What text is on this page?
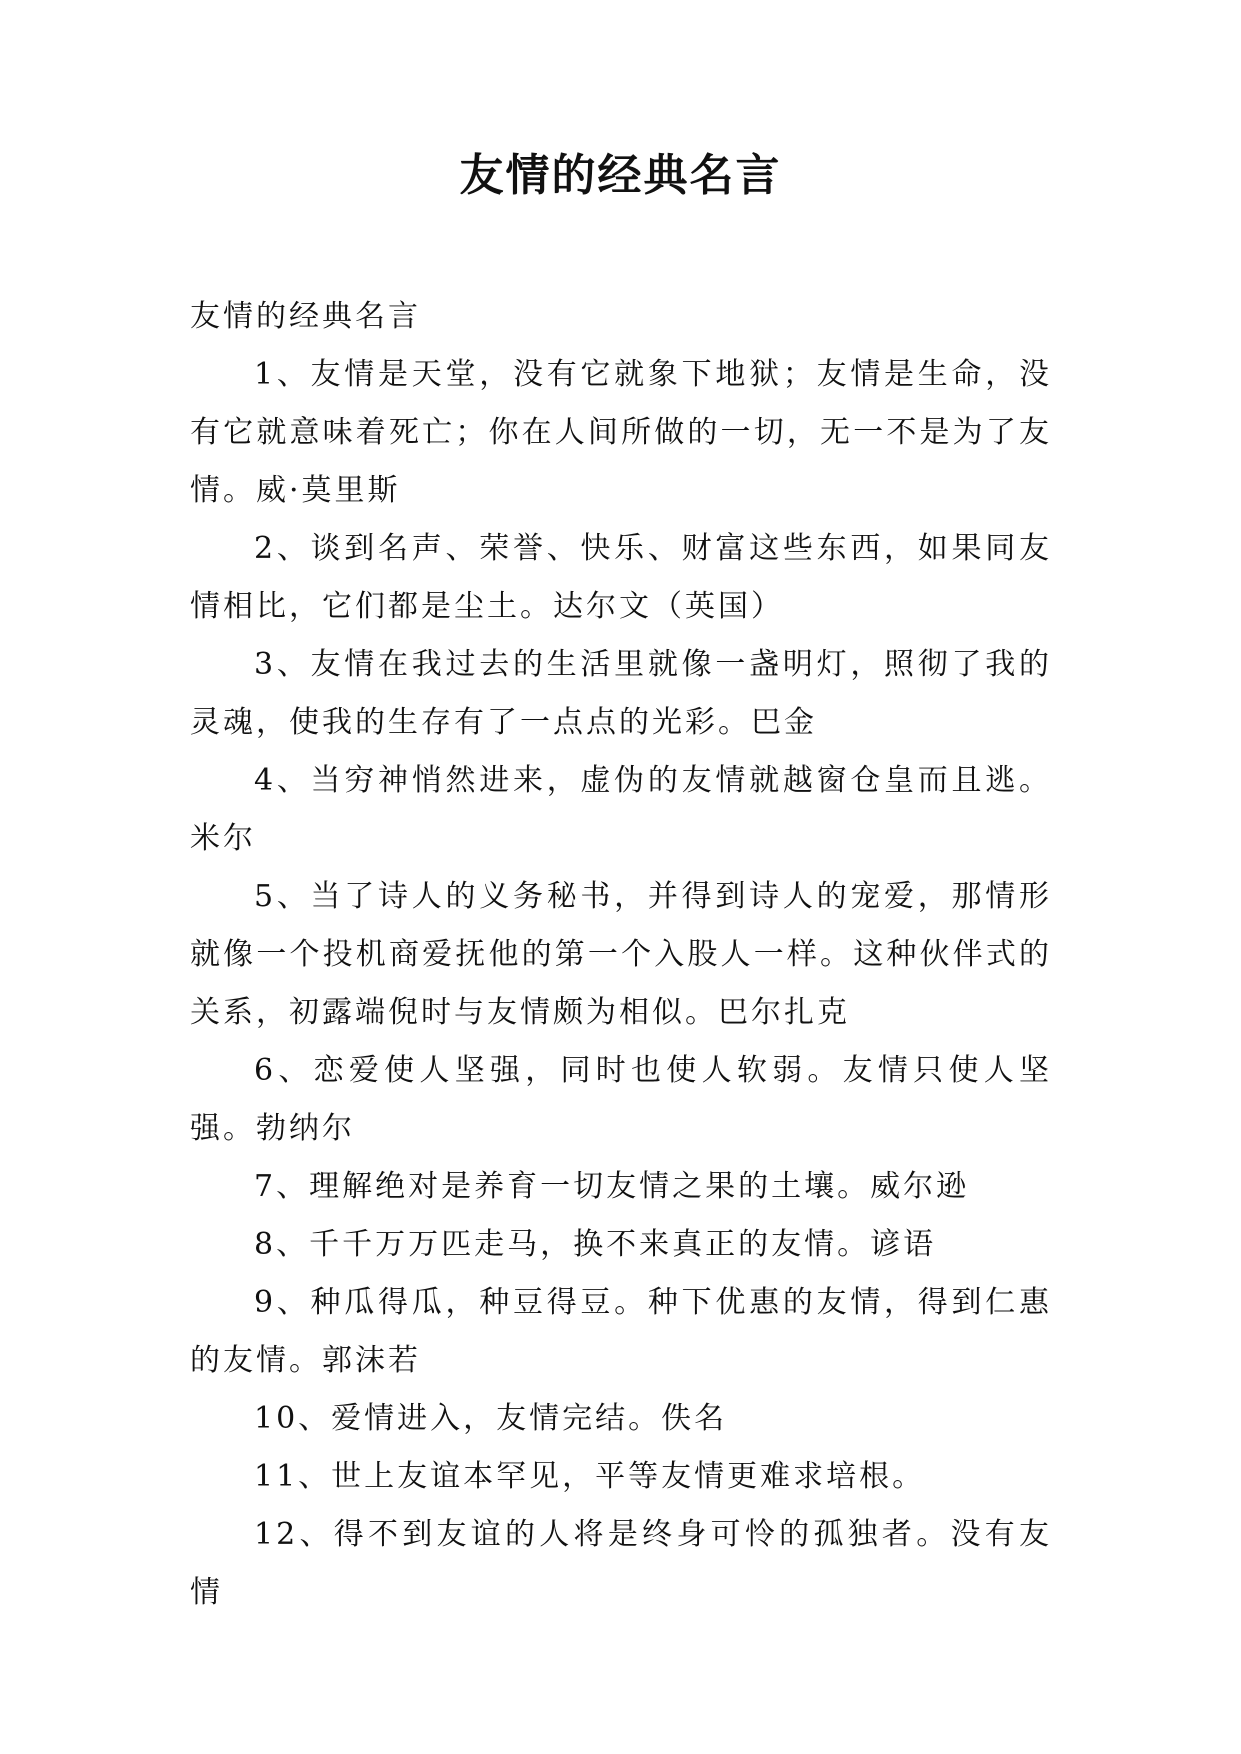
友情的经典名言

友情的经典名言

1、友情是天堂，没有它就象下地狱；友情是生命，没有它就意味着死亡；你在人间所做的一切，无一不是为了友情。威·莫里斯

2、谈到名声、荣誉、快乐、财富这些东西，如果同友情相比，它们都是尘土。达尔文（英国）

3、友情在我过去的生活里就像一盏明灯，照彻了我的灵魂，使我的生存有了一点点的光彩。巴金

4、当穷神悄然进来，虚伪的友情就越窗仓皇而且逃。米尔

5、当了诗人的义务秘书，并得到诗人的宠爱，那情形就像一个投机商爱抚他的第一个入股人一样。这种伙伴式的关系，初露端倪时与友情颇为相似。巴尔扎克

6、恋爱使人坚强，同时也使人软弱。友情只使人坚强。勃纳尔

7、理解绝对是养育一切友情之果的土壤。威尔逊

8、千千万万匹走马，换不来真正的友情。谚语

9、种瓜得瓜，种豆得豆。种下优惠的友情，得到仁惠的友情。郭沫若

10、爱情进入，友情完结。佚名

11、世上友谊本罕见，平等友情更难求培根。

12、得不到友谊的人将是终身可怜的孤独者。没有友情
